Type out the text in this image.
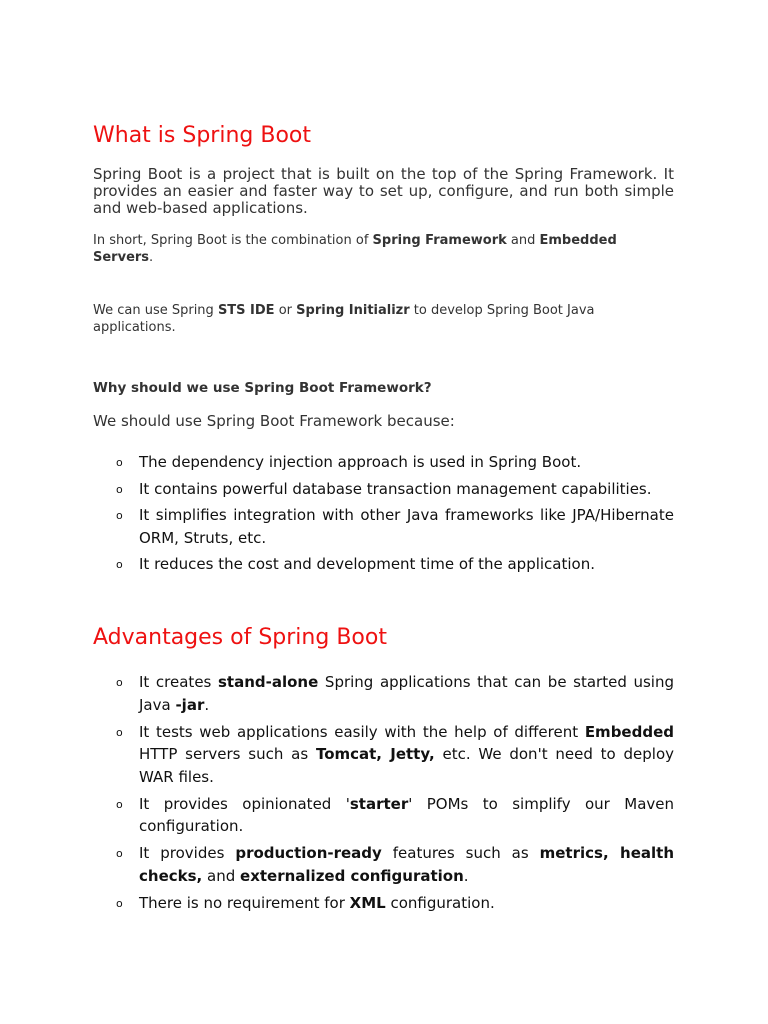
What is Spring Boot

Spring Boot is a project that is built on the top of the Spring Framework. It provides an easier and faster way to set up, configure, and run both simple and web-based applications.

In short, Spring Boot is the combination of Spring Framework and Embedded Servers.

We can use Spring STS IDE or Spring Initializr to develop Spring Boot Java applications.

Why should we use Spring Boot Framework?

We should use Spring Boot Framework because:

o The dependency injection approach is used in Spring Boot.
o It contains powerful database transaction management capabilities.
o It simplifies integration with other Java frameworks like JPA/Hibernate ORM, Struts, etc.
o It reduces the cost and development time of the application.
Advantages of Spring Boot
o It creates stand-alone Spring applications that can be started using Java -jar.
o It tests web applications easily with the help of different Embedded HTTP servers such as Tomcat, Jetty, etc. We don't need to deploy WAR files.
o It provides opinionated 'starter' POMs to simplify our Maven configuration.
o It provides production-ready features such as metrics, health checks, and externalized configuration.
o There is no requirement for XML configuration.
